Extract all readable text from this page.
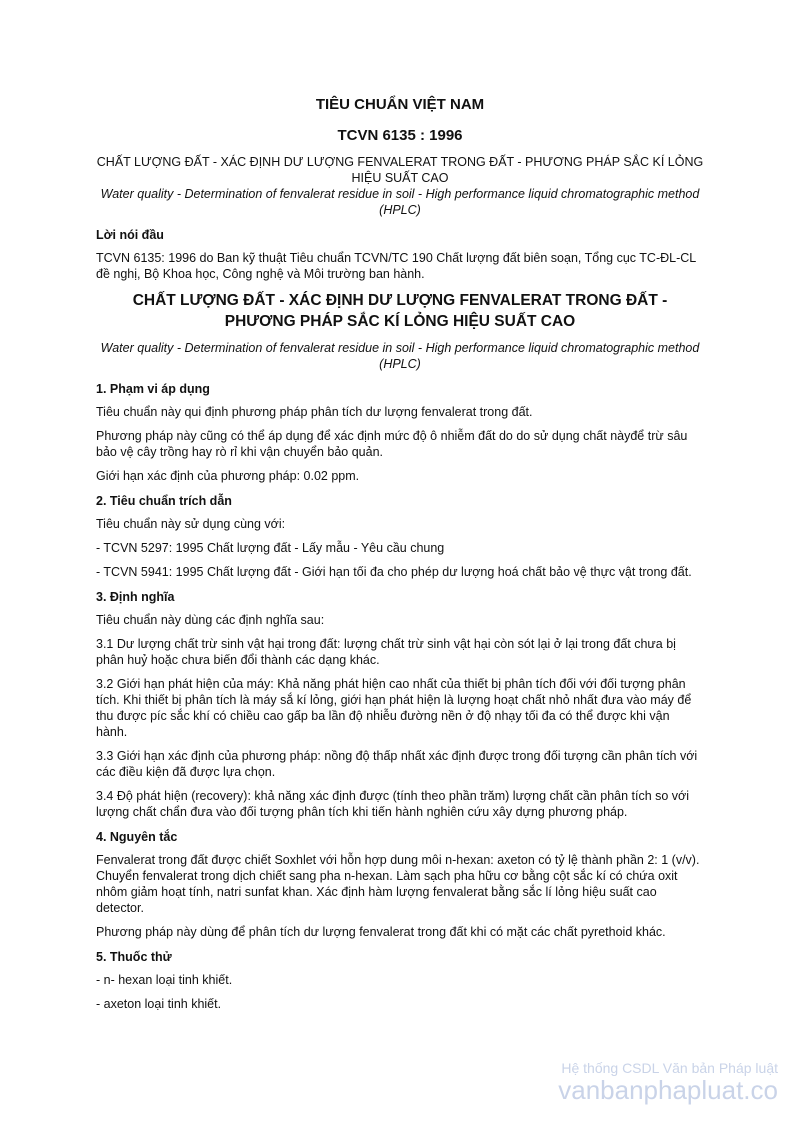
TIÊU CHUẨN VIỆT NAM
TCVN 6135 : 1996

CHẤT LƯỢNG ĐẤT - XÁC ĐỊNH DƯ LƯỢNG FENVALERAT TRONG ĐẤT - PHƯƠNG PHÁP SẮC KÍ LỎNG HIỆU SUẤT CAO

Water quality - Determination of fenvalerat residue in soil - High performance liquid chromatographic method (HPLC)

Lời nói đầu

TCVN 6135: 1996 do Ban kỹ thuật Tiêu chuẩn TCVN/TC 190 Chất lượng đất biên soạn, Tổng cục TC-ĐL-CL đề nghị, Bộ Khoa học, Công nghệ và Môi trường ban hành.

CHẤT LƯỢNG ĐẤT - XÁC ĐỊNH DƯ LƯỢNG FENVALERAT TRONG ĐẤT - PHƯƠNG PHÁP SẮC KÍ LỎNG HIỆU SUẤT CAO

Water quality - Determination of fenvalerat residue in soil - High performance liquid chromatographic method (HPLC)

1. Phạm vi áp dụng

Tiêu chuẩn này qui định phương pháp phân tích dư lượng fenvalerat trong đất.

Phương pháp này cũng có thể áp dụng để xác định mức độ ô nhiễm đất do do sử dụng chất nàyđể trừ sâu bảo vệ cây trồng hay rò rỉ khi vận chuyển bảo quản.

Giới hạn xác định của phương pháp: 0.02 ppm.

2. Tiêu chuẩn trích dẫn

Tiêu chuẩn này sử dụng cùng với:

- TCVN 5297: 1995 Chất lượng đất - Lấy mẫu - Yêu cầu chung

- TCVN 5941: 1995 Chất lượng đất - Giới hạn tối đa cho phép dư lượng hoá chất bảo vệ thực vật trong đất.

3. Định nghĩa

Tiêu chuẩn này dùng các định nghĩa sau:

3.1 Dư lượng chất trừ sinh vật hại trong đất: lượng chất trừ sinh vật hại còn sót lại ở lại trong đất chưa bị phân huỷ hoặc chưa biến đổi thành các dạng khác.

3.2 Giới hạn phát hiện của máy: Khả năng phát hiện cao nhất của thiết bị phân tích đối với đối tượng phân tích. Khi thiết bị phân tích là máy sắ kí lỏng, giới hạn phát hiện là lượng hoạt chất nhỏ nhất đưa vào máy để thu được píc sắc khí có chiều cao gấp ba lần độ nhiễu đường nền ở độ nhạy tối đa có thể được khi vận hành.

3.3 Giới hạn xác định của phương pháp: nồng độ thấp nhất xác định được trong đối tượng cần phân tích với các điều kiện đã được lựa chọn.

3.4 Độ phát hiện (recovery): khả năng xác định được (tính theo phần trăm) lượng chất cần phân tích so với lượng chất chẩn đưa vào đối tượng phân tích khi tiến hành nghiên cứu xây dựng phương pháp.

4. Nguyên tắc

Fenvalerat trong đất được chiết Soxhlet với hỗn hợp dung môi n-hexan: axeton có tỷ lệ thành phần 2: 1 (v/v). Chuyển fenvalerat trong dịch chiết sang pha n-hexan. Làm sạch pha hữu cơ bằng cột sắc kí có chứa oxit nhôm giảm hoạt tính, natri sunfat khan. Xác định hàm lượng fenvalerat bằng sắc lí lỏng hiệu suất cao detector.

Phương pháp này dùng để phân tích dư lượng fenvalerat trong đất khi có mặt các chất pyrethoid khác.

5. Thuốc thử

- n- hexan loại tinh khiết.

- axeton loại tinh khiết.

Hệ thống CSDL Văn bản Pháp luật
vanbanphapluat.co
